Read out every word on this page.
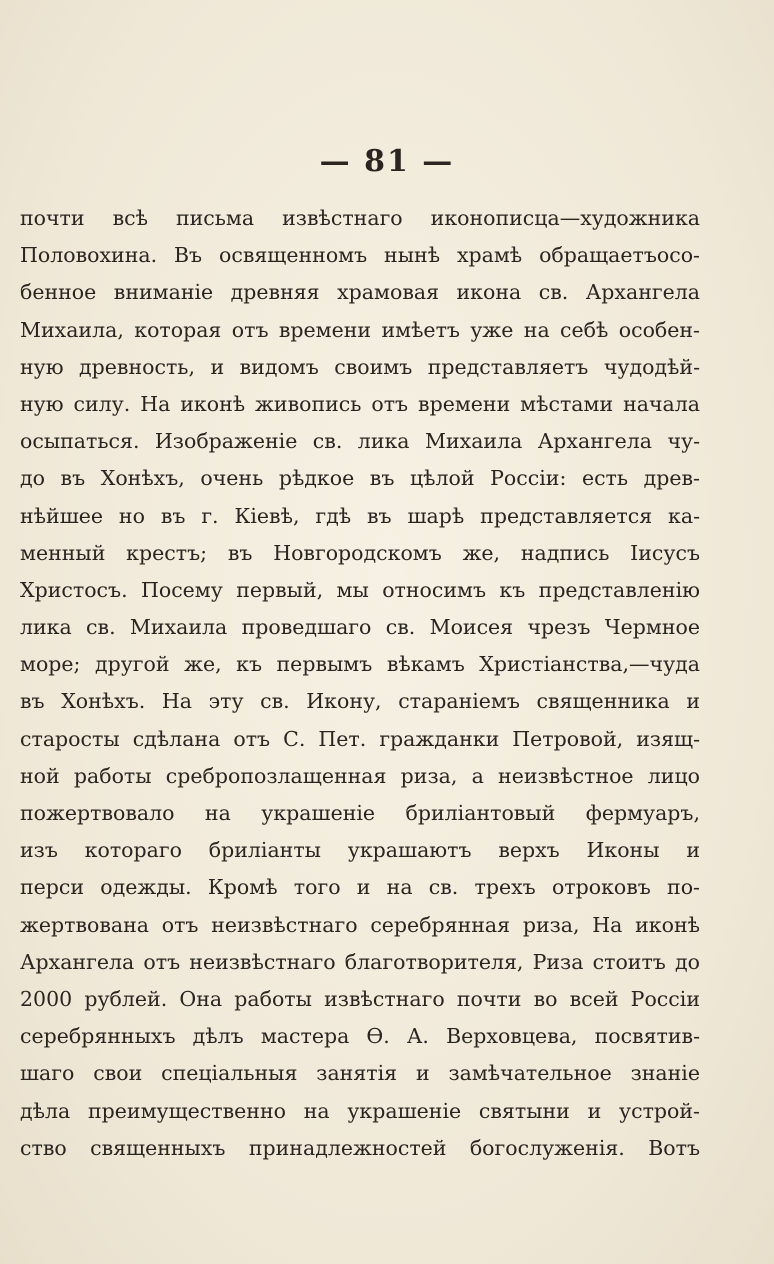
— 81 —
почти всѣ письма извѣстнаго иконописца—художника
Половохина. Въ освященномъ нынѣ храмѣ обращаетъосо-
бенное вниманіе древняя храмовая икона св. Архангела
Михаила, которая отъ времени имѣетъ уже на себѣ особен-
ную древность, и видомъ своимъ представляетъ чудодѣй-
ную силу. На иконѣ живопись отъ времени мѣстами начала
осыпаться. Изображеніе св. лика Михаила Архангела чу-
до въ Хонѣхъ, очень рѣдкое въ цѣлой Россіи: есть древ-
нѣйшее но въ г. Кіевѣ, гдѣ въ шарѣ представляется ка-
менный крестъ; въ Новгородскомъ же, надпись Іисусъ
Христосъ. Посему первый, мы относимъ къ представленію
лика св. Михаила проведшаго св. Моисея чрезъ Чермное
море; другой же, къ первымъ вѣкамъ Христіанства,—чуда
въ Хонѣхъ. На эту св. Икону, стараніемъ священника и
старосты сдѣлана отъ С. Пет. гражданки Петровой, изящ-
ной работы сребропозлащенная риза, а неизвѣстное лицо
пожертвовало на украшеніе бриліантовый фермуаръ,
изъ котораго бриліанты украшаютъ верхъ Иконы и
перси одежды. Кромѣ того и на св. трехъ отроковъ по-
жертвована отъ неизвѣстнаго серебрянная риза, На иконѣ
Архангела отъ неизвѣстнаго благотворителя, Риза стоитъ до
2000 рублей. Она работы извѣстнаго почти во всей Россіи
серебрянныхъ дѣлъ мастера Ѳ. А. Верховцева, посвятив-
шаго свои спеціальныя занятія и замѣчательное знаніе
дѣла преимущественно на украшеніе святыни и устрой-
ство священныхъ принадлежностей богослуженія. Вотъ
